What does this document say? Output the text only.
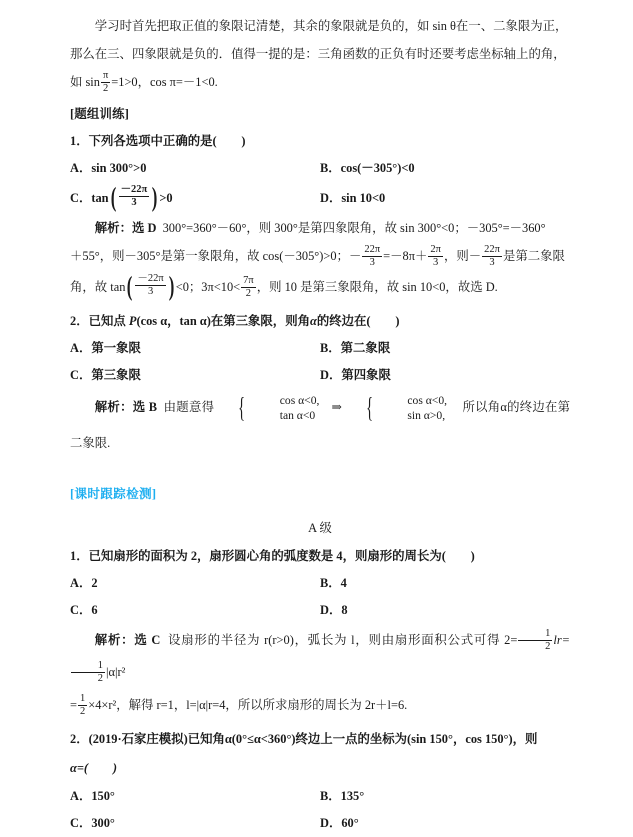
学习时首先把取正值的象限记清楚，其余的象限就是负的，如 sin θ在一、二象限为正，

那么在三、四象限就是负的．值得一提的是：三角函数的正负有时还要考虑坐标轴上的角，

如 $\sin \frac{\pi}{2} =1>0$，cos π=－1<0.

[题组训练]

1．下列各选项中正确的是(　　)

A．sin 300°>0	B．cos(－305°)<0
C．tan ( $\frac{-22\pi}{3}$ ) >0	D．sin 10<0

解析：选 D 300°=360°－60°，则 300°是第四象限角，故 sin 300°<0；－305°=－360°

＋55°，则－305°是第一象限角，故 cos(－305°)>0；－ $\frac{22\pi}{3} =-8\pi+ \frac{2\pi}{3}$ ，则－ $\frac{22\pi}{3}$ 是第二象限

角，故 tan ( $\frac{-22\pi}{3}$ ) <0；$3\pi<10< \frac{7\pi}{2}$ ，则 10 是第三象限角，故 sin 10<0，故选 D.

2．已知点 P(cos α，tan α)在第三象限，则角α的终边在(　　)

A．第一象限	B．第二象限
C．第三象限	D．第四象限

解析：选 B 由题意得 {	cos α<0,
tan α<0
⇒ {	cos α<0,
sin α>0,
所以角α的终边在第二象限.

[课时跟踪检测]

A 级

1．已知扇形的面积为 2，扇形圆心角的弧度数是 4，则扇形的周长为(　　)

A．2	B．4
C．6	D．8

解析：选 C 设扇形的半径为 r(r>0)，弧长为 l，则由扇形面积公式可得 $2= \frac{1}{2} lr=$
$\frac{1}{2} |\alpha|r^2$

= $\frac{1}{2} \times 4\times r^2$，解得 r=1，l=|α|r=4，所以所求扇形的周长为 2r＋l=6.

2．(2019·石家庄模拟)已知角α(0°≤α<360°)终边上一点的坐标为(sin 150°，cos 150°)，则

α=(　　)

A．150°	B．135°
C．300°	D．60°
